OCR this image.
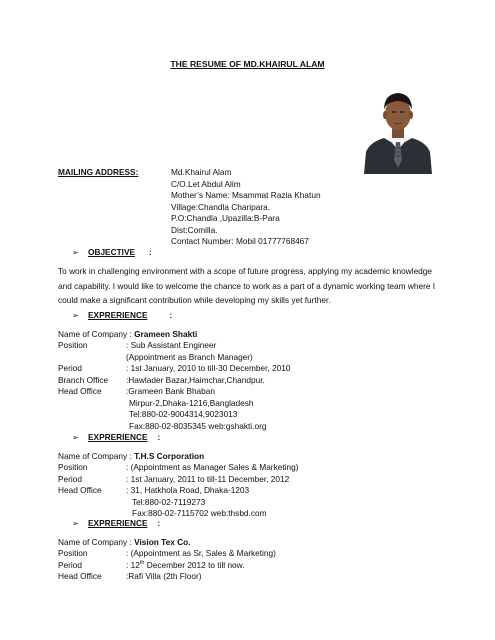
THE RESUME OF MD.KHAIRUL ALAM
MAILING ADDRESS:	Md.Khairul Alam
C/O.Let Abdul Alim
Mother’s Name: Msammat Razia Khatun
Village:Chandla Charipara.
P.O:Chandla ,Upazilla:B-Para
Dist:Comilla.
Contact Number: Mobil 01777768467
➢ OBJECTIVE :
To work in challenging environment with a scope of future progress, applying my academic knowledge and capability. I would like to welcome the chance to work as a part of a dynamic working team where I could make a significant contribution while developing my skills yet further.
➢ EXPRERIENCE	:
Name of Company : Grameen Shakti
Position	: Sub Assistant Engineer
(Appointment as Branch Manager)
Period	: 1st January, 2010 to till-30 December, 2010
Branch Office :Hawlader Bazar,Haimchar,Chandpur.
Head Office	:Grameen Bank Bhaban
Mirpur-2,Dhaka-1216,Bangladesh
Tel:880-02-9004314,9023013
Fax:880-02-8035345 web:gshakti.org
➢ EXPRERIENCE :
Name of Company : T.H.S Corporation
Position	: (Appointment as Manager Sales & Marketing)
Period	: 1st January, 2011 to till-11 December, 2012
Head Office	: 31, Hatkhola Road, Dhaka-1203
Tel:880-02-7119273
Fax:880-02-7115702 web:thsbd.com
➢ EXPRERIENCE :
Name of Company : Vision Tex Co.
Position	: (Appointment as Sr, Sales & Marketing)
Period	: 12th December 2012 to till now.
Head Office	:Rafi Villa (2th Floor)
